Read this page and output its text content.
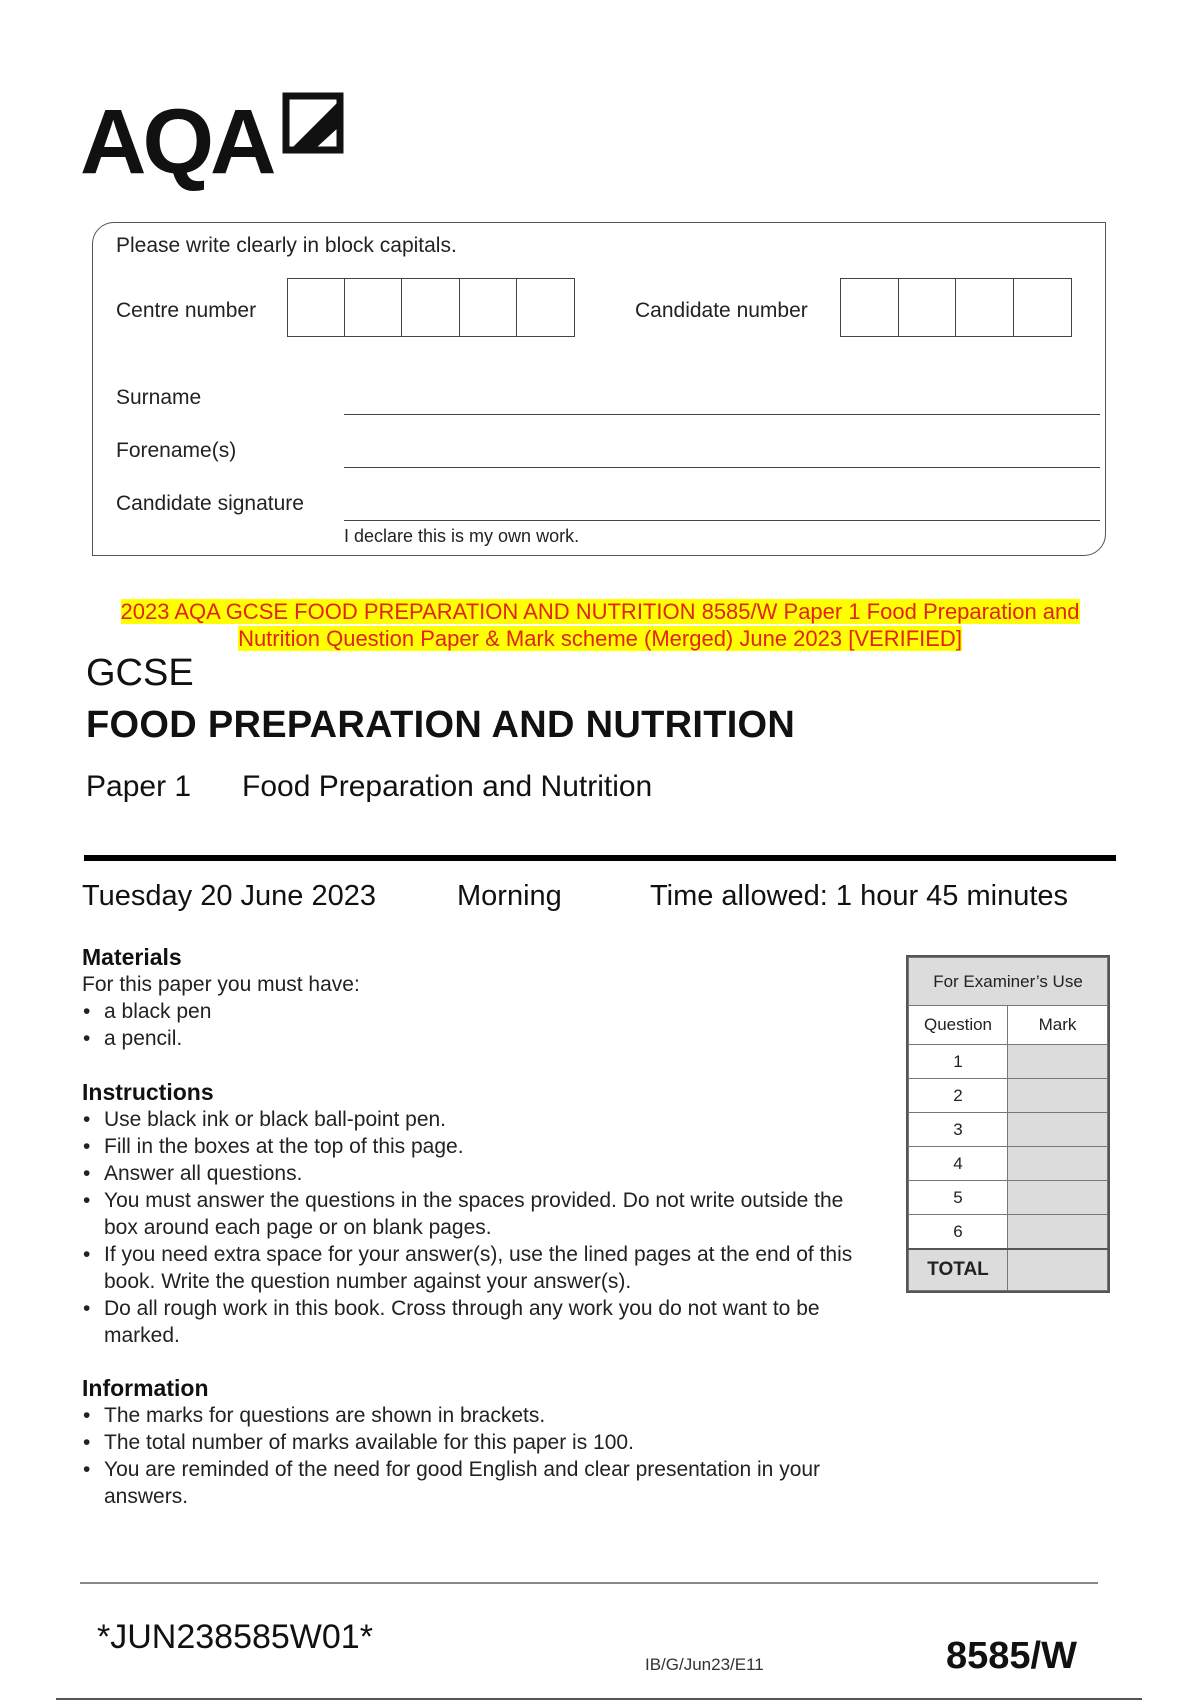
AQA
Please write clearly in block capitals.
Centre number	Candidate number
Surname
Forename(s)
Candidate signature
I declare this is my own work.
2023 AQA GCSE FOOD PREPARATION AND NUTRITION 8585/W Paper 1 Food Preparation and
Nutrition Question Paper & Mark scheme (Merged) June 2023 [VERIFIED]
GCSE
FOOD PREPARATION AND NUTRITION
Paper 1 Food Preparation and Nutrition
Tuesday 20 June 2023	Morning	Time allowed: 1 hour 45 minutes
Materials
For this paper you must have:
• a black pen
• a pencil.
Instructions
• Use black ink or black ball-point pen.
• Fill in the boxes at the top of this page.
• Answer all questions.
• You must answer the questions in the spaces provided. Do not write outside the box around each page or on blank pages.
• If you need extra space for your answer(s), use the lined pages at the end of this book. Write the question number against your answer(s).
• Do all rough work in this book. Cross through any work you do not want to be marked.
Information
• The marks for questions are shown in brackets.
• The total number of marks available for this paper is 100.
• You are reminded of the need for good English and clear presentation in your answers.
For Examiner’s Use	
Question	Mark
1	
2	
3	
4	
5	
6	
TOTAL	
*JUN238585W01*
IB/G/Jun23/E11	8585/W
